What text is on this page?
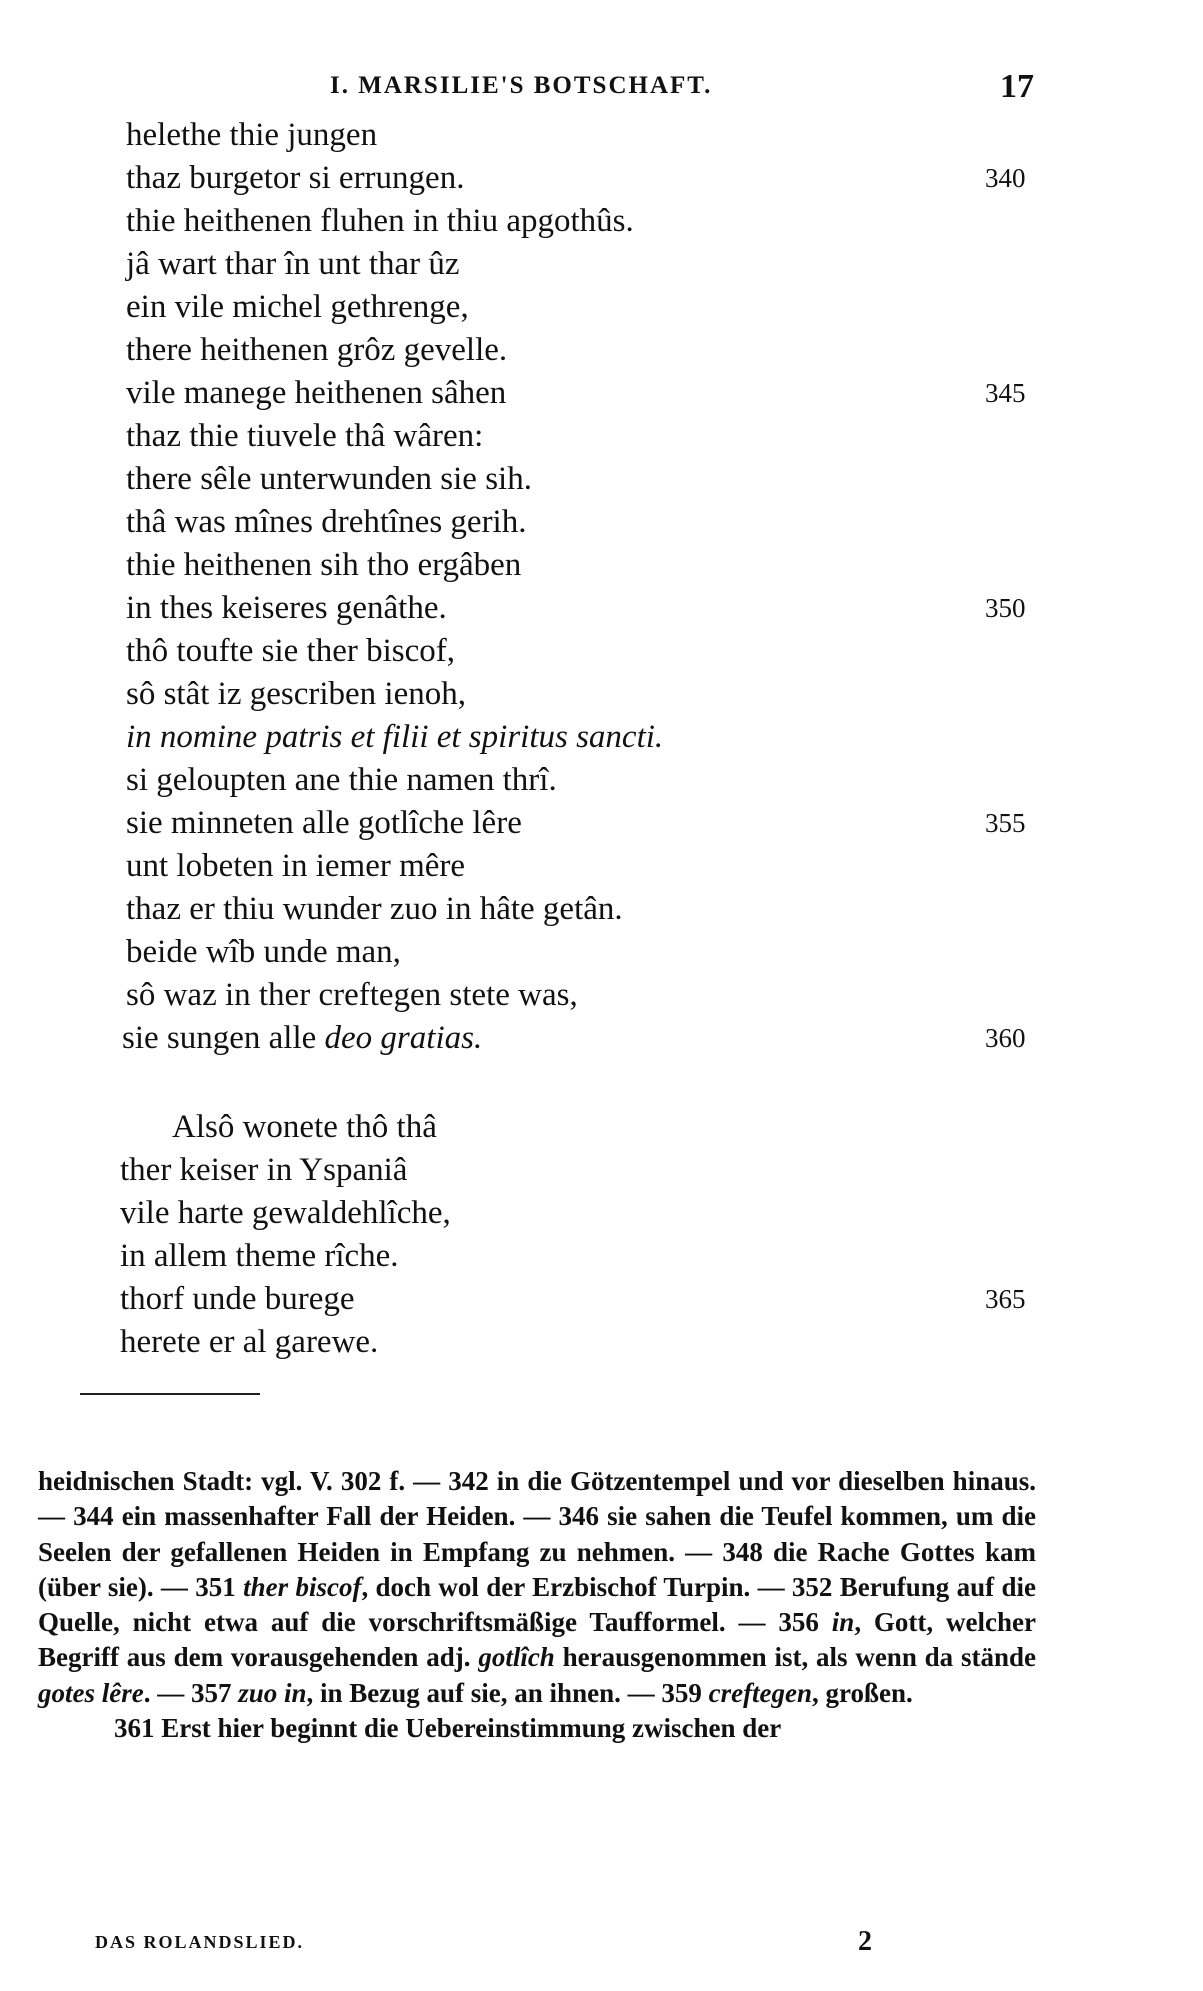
I. MARSILIE'S BOTSCHAFT.	17
helethe thie jungen
thaz burgetor si errungen.	340
thie heithenen fluhen in thiu apgothûs.
jâ wart thar în unt thar ûz
ein vile michel gethrenge,
there heithenen grôz gevelle.
vile manege heithenen sâhen	345
thaz thie tiuvele thâ wâren:
there sêle unterwunden sie sih.
thâ was mînes drehtînes gerih.
thie heithenen sih tho ergâben
in thes keiseres genâthe.	350
thô toufte sie ther biscof,
sô stât iz gescriben ienoh,
in nomine patris et filii et spiritus sancti.
si geloupten ane thie namen thrî.
sie minneten alle gotlîche lêre	355
unt lobeten in iemer mêre
thaz er thiu wunder zuo in hâte getân.
beide wîb unde man,
sô waz in ther creftegen stete was,
sie sungen alle deo gratias.	360
Alsô wonete thô thâ
ther keiser in Yspaniâ
vile harte gewaldehlîche,
in allem theme rîche.
thorf unde burege	365
herete er al garewe.

heidnischen Stadt: vgl. V. 302 f. — 342 in die Götzentempel und vor dieselben hinaus. — 344 ein massenhafter Fall der Heiden. — 346 sie sahen die Teufel kommen, um die Seelen der gefallenen Heiden in Empfang zu nehmen. — 348 die Rache Gottes kam (über sie). — 351 ther biscof, doch wol der Erzbischof Turpin. — 352 Berufung auf die Quelle, nicht etwa auf die vorschriftsmäßige Taufformel. — 356 in, Gott, welcher Begriff aus dem vorausgehenden adj. gotlîch herausgenommen ist, als wenn da stände gotes lêre. — 357 zuo in, in Bezug auf sie, an ihnen. — 359 creftegen, großen.

361 Erst hier beginnt die Uebereinstimmung zwischen der

DAS ROLANDSLIED.	2
